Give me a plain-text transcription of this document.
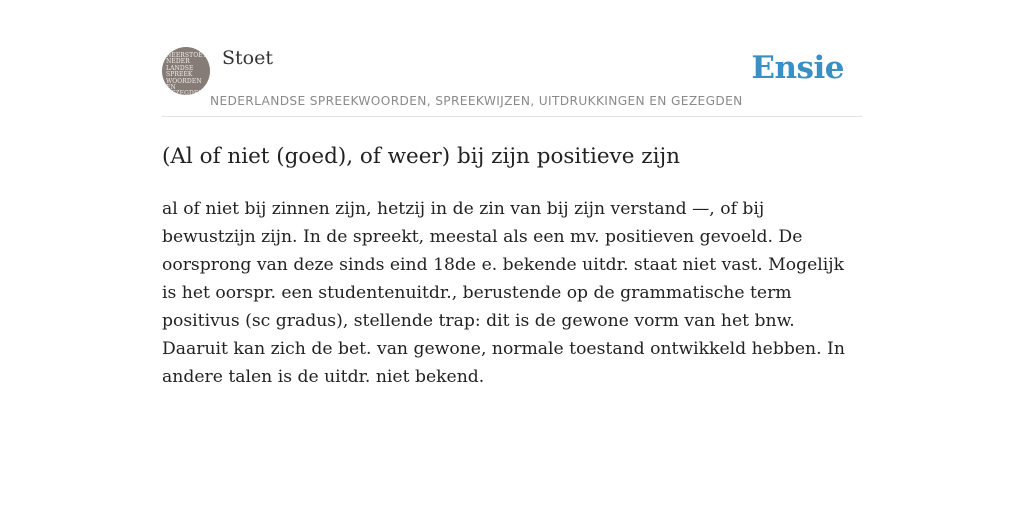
NEERSTOET
NEDER
LANDSE
SPREEK
WOORDEN EN
GEZEGDEN
Stoet	Ensie
NEDERLANDSE SPREEKWOORDEN, SPREEKWIJZEN, UITDRUKKINGEN EN GEZEGDEN
(Al of niet (goed), of weer) bij zijn positieve zijn

al of niet bij zinnen zijn, hetzij in de zin van bij zijn verstand —, of bij bewustzijn zijn. In de spreekt, meestal als een mv. positieven gevoeld. De oorsprong van deze sinds eind 18de e. bekende uitdr. staat niet vast. Mogelijk is het oorspr. een studentenuitdr., berustende op de grammatische term positivus (sc gradus), stellende trap: dit is de gewone vorm van het bnw. Daaruit kan zich de bet. van gewone, normale toestand ontwikkeld hebben. In andere talen is de uitdr. niet bekend.
